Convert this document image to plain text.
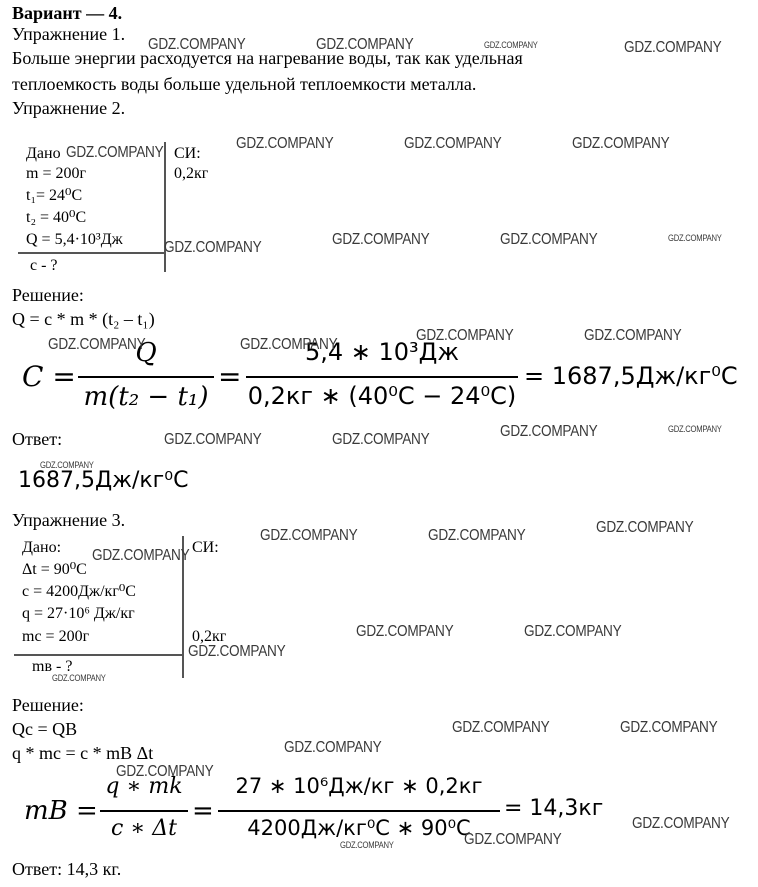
Вариант — 4.
Упражнение 1.
Больше энергии расходуется на нагревание воды, так как удельная
теплоемкость воды больше удельной теплоемкости металла.
Упражнение 2.
Дано	СИ:
m = 200г	0,2кг
t₁= 24⁰C
t₂ = 40⁰C
Q = 5,4·10³Дж
c - ?
Решение:
Q = c * m * (t₂ – t₁)
C =
Q
m(t₂ − t₁)
=
5,4 ∗ 10³Дж
0,2кг ∗ (40⁰C − 24⁰C)
= 1687,5Дж/кг⁰C
Ответ:
1687,5Дж/кг⁰C
Упражнение 3.
Дано:	СИ:
Δt = 90⁰C
c = 4200Дж/кг⁰C
q = 27·10⁶ Дж/кг
mc = 200г	0,2кг
mв - ?
Решение:
Qc = QB
q * mc = c * mB Δt
mB =
q ∗ mk
c ∗ Δt
=
27 ∗ 10⁶Дж/кг ∗ 0,2кг
4200Дж/кг⁰C ∗ 90⁰C
= 14,3кг
Ответ: 14,3 кг.
GDZ.COMPANY	GDZ.COMPANY	GDZ.COMPANY	GDZ.COMPANY
GDZ.COMPANY
GDZ.COMPANY	GDZ.COMPANY	GDZ.COMPANY
GDZ.COMPANY	GDZ.COMPANY	GDZ.COMPANY	GDZ.COMPANY
GDZ.COMPANY	GDZ.COMPANY
GDZ.COMPANY	GDZ.COMPANY
GDZ.COMPANY	GDZ.COMPANY	GDZ.COMPANY	GDZ.COMPANY
GDZ.COMPANY
GDZ.COMPANY	GDZ.COMPANY	GDZ.COMPANY
GDZ.COMPANY
GDZ.COMPANY	GDZ.COMPANY
GDZ.COMPANY
GDZ.COMPANY
GDZ.COMPANY	GDZ.COMPANY
GDZ.COMPANY
GDZ.COMPANY
GDZ.COMPANY
GDZ.COMPANY	GDZ.COMPANY
